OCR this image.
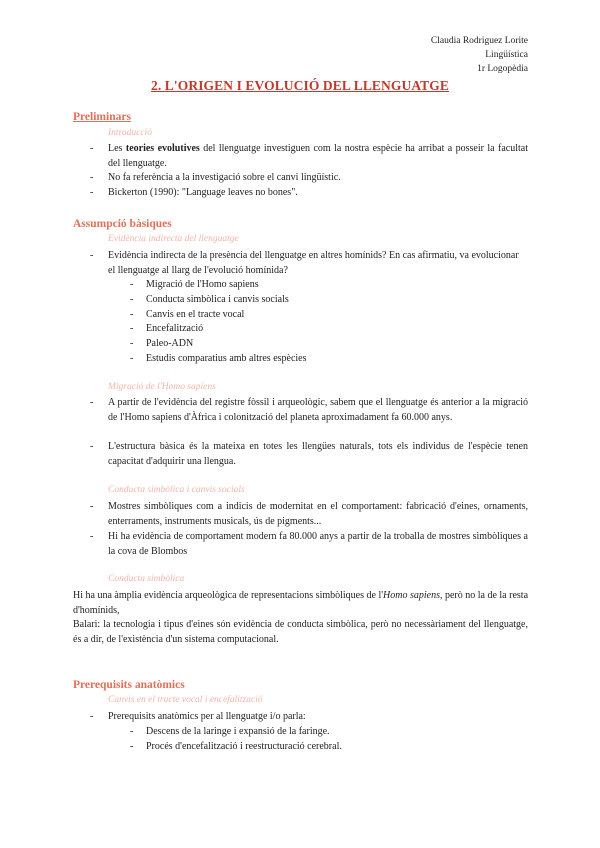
Claudia Rodriguez Lorite
Lingüística
1r Logopèdia
2. L'ORIGEN I EVOLUCIÓ DEL LLENGUATGE
Preliminars
Introducció
- Les teories evolutives del llenguatge investiguen com la nostra espècie ha arribat a posseir la facultat del llenguatge.
- No fa referència a la investigació sobre el canvi lingüístic.
- Bickerton (1990): "Language leaves no bones".
Assumpció bàsiques
Evidència indirecta del llenguatge
- Evidència indirecta de la presència del llenguatge en altres homínids? En cas afirmatiu, va evolucionar el llenguatge al llarg de l'evolució homínida?
- Migració de l'Homo sapiens
- Conducta simbòlica i canvis socials
- Canvis en el tracte vocal
- Encefalització
- Paleo-ADN
- Estudis comparatius amb altres espècies
Migració de l'Homo sapiens
- A partir de l'evidència del registre fòssil i arqueològic, sabem que el llenguatge és anterior a la migració de l'Homo sapiens d'Àfrica i colonització del planeta aproximadament fa 60.000 anys.
- L'estructura bàsica és la mateixa en totes les llengües naturals, tots els individus de l'espècie tenen capacitat d'adquirir una llengua.
Conducta simbòlica i canvis socials
- Mostres simbòliques com a indicis de modernitat en el comportament: fabricació d'eines, ornaments, enterraments, instruments musicals, ús de pigments...
- Hi ha evidència de comportament modern fa 80.000 anys a partir de la troballa de mostres simbòliques a la cova de Blombos
Conducta simbòlica
Hi ha una àmplia evidència arqueològica de representacions simbòliques de l'Homo sapiens, però no la de la resta d'homínids,
Balari: la tecnologia i tipus d'eines són evidència de conducta simbòlica, però no necessàriament del llenguatge, és a dir, de l'existència d'un sistema computacional.
Prerequisits anatòmics
Canvis en el tracte vocal i encefalització
- Prerequisits anatòmics per al llenguatge i/o parla:
- Descens de la laringe i expansió de la faringe.
- Procés d'encefalització i reestructuració cerebral.
